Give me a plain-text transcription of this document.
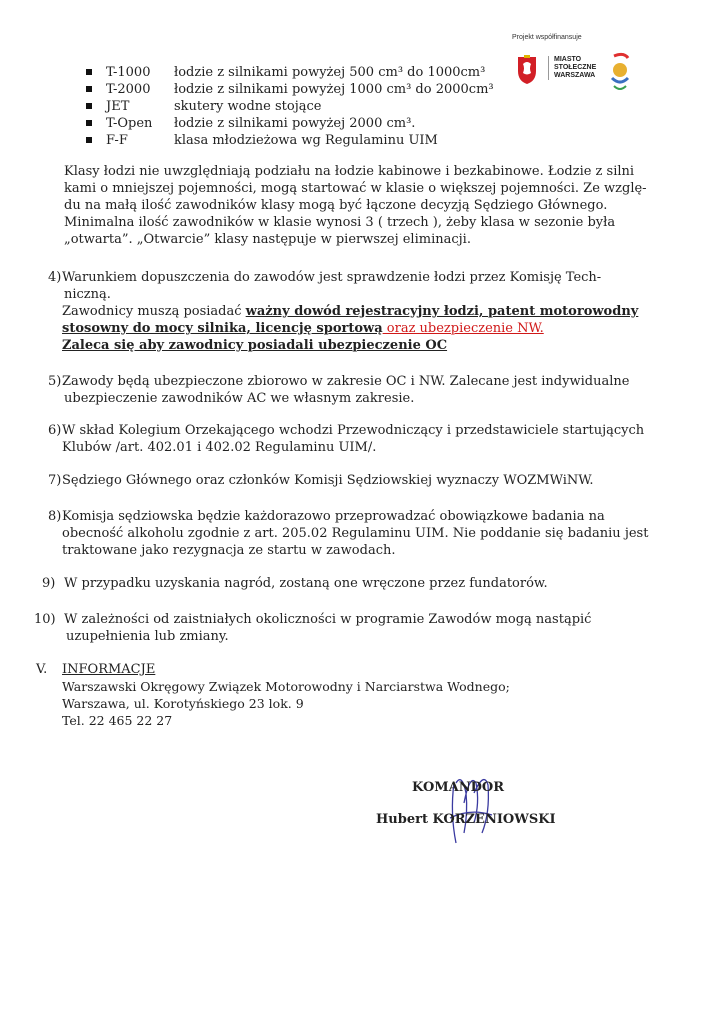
Projekt współfinansuje
MIASTO
STOŁECZNE
WARSZAWA
T-1000 łodzie z silnikami powyżej 500 cm³ do 1000cm³
T-2000 łodzie z silnikami powyżej 1000 cm³ do 2000cm³
JET	skutery wodne stojące
T-Open łodzie z silnikami powyżej 2000 cm³.
F-F	klasa młodzieżowa wg Regulaminu UIM
Klasy łodzi nie uwzględniają podziału na łodzie kabinowe i bezkabinowe. Łodzie z silni
kami o mniejszej pojemności, mogą startować w klasie o większej pojemności. Ze wzglę-
du na małą ilość zawodników klasy mogą być łączone decyzją Sędziego Głównego.
Minimalna ilość zawodników w klasie wynosi 3 ( trzech ), żeby klasa w sezonie była
„otwarta”. „Otwarcie” klasy następuje w pierwszej eliminacji.
4) Warunkiem dopuszczenia do zawodów jest sprawdzenie łodzi przez Komisję Tech-
niczną.
Zawodnicy muszą posiadać ważny dowód rejestracyjny łodzi, patent motorowodny
stosowny do mocy silnika, licencję sportową oraz ubezpieczenie NW.
Zaleca się aby zawodnicy posiadali ubezpieczenie OC
5) Zawody będą ubezpieczone zbiorowo w zakresie OC i NW. Zalecane jest indywidualne
ubezpieczenie zawodników AC we własnym zakresie.
6) W skład Kolegium Orzekającego wchodzi Przewodniczący i przedstawiciele startujących
Klubów /art. 402.01 i 402.02 Regulaminu UIM/.
7) Sędziego Głównego oraz członków Komisji Sędziowskiej wyznaczy WOZMWiNW.
8) Komisja sędziowska będzie każdorazowo przeprowadzać obowiązkowe badania na
obecność alkoholu zgodnie z art. 205.02 Regulaminu UIM. Nie poddanie się badaniu jest
traktowane jako rezygnacja ze startu w zawodach.
9) W przypadku uzyskania nagród, zostaną one wręczone przez fundatorów.
10) W zależności od zaistniałych okoliczności w programie Zawodów mogą nastąpić
uzupełnienia lub zmiany.
V. INFORMACJE
Warszawski Okręgowy Związek Motorowodny i Narciarstwa Wodnego;
Warszawa, ul. Korotyńskiego 23 lok. 9
Tel. 22 465 22 27
KOMANDOR
Hubert KORZENIOWSKI
